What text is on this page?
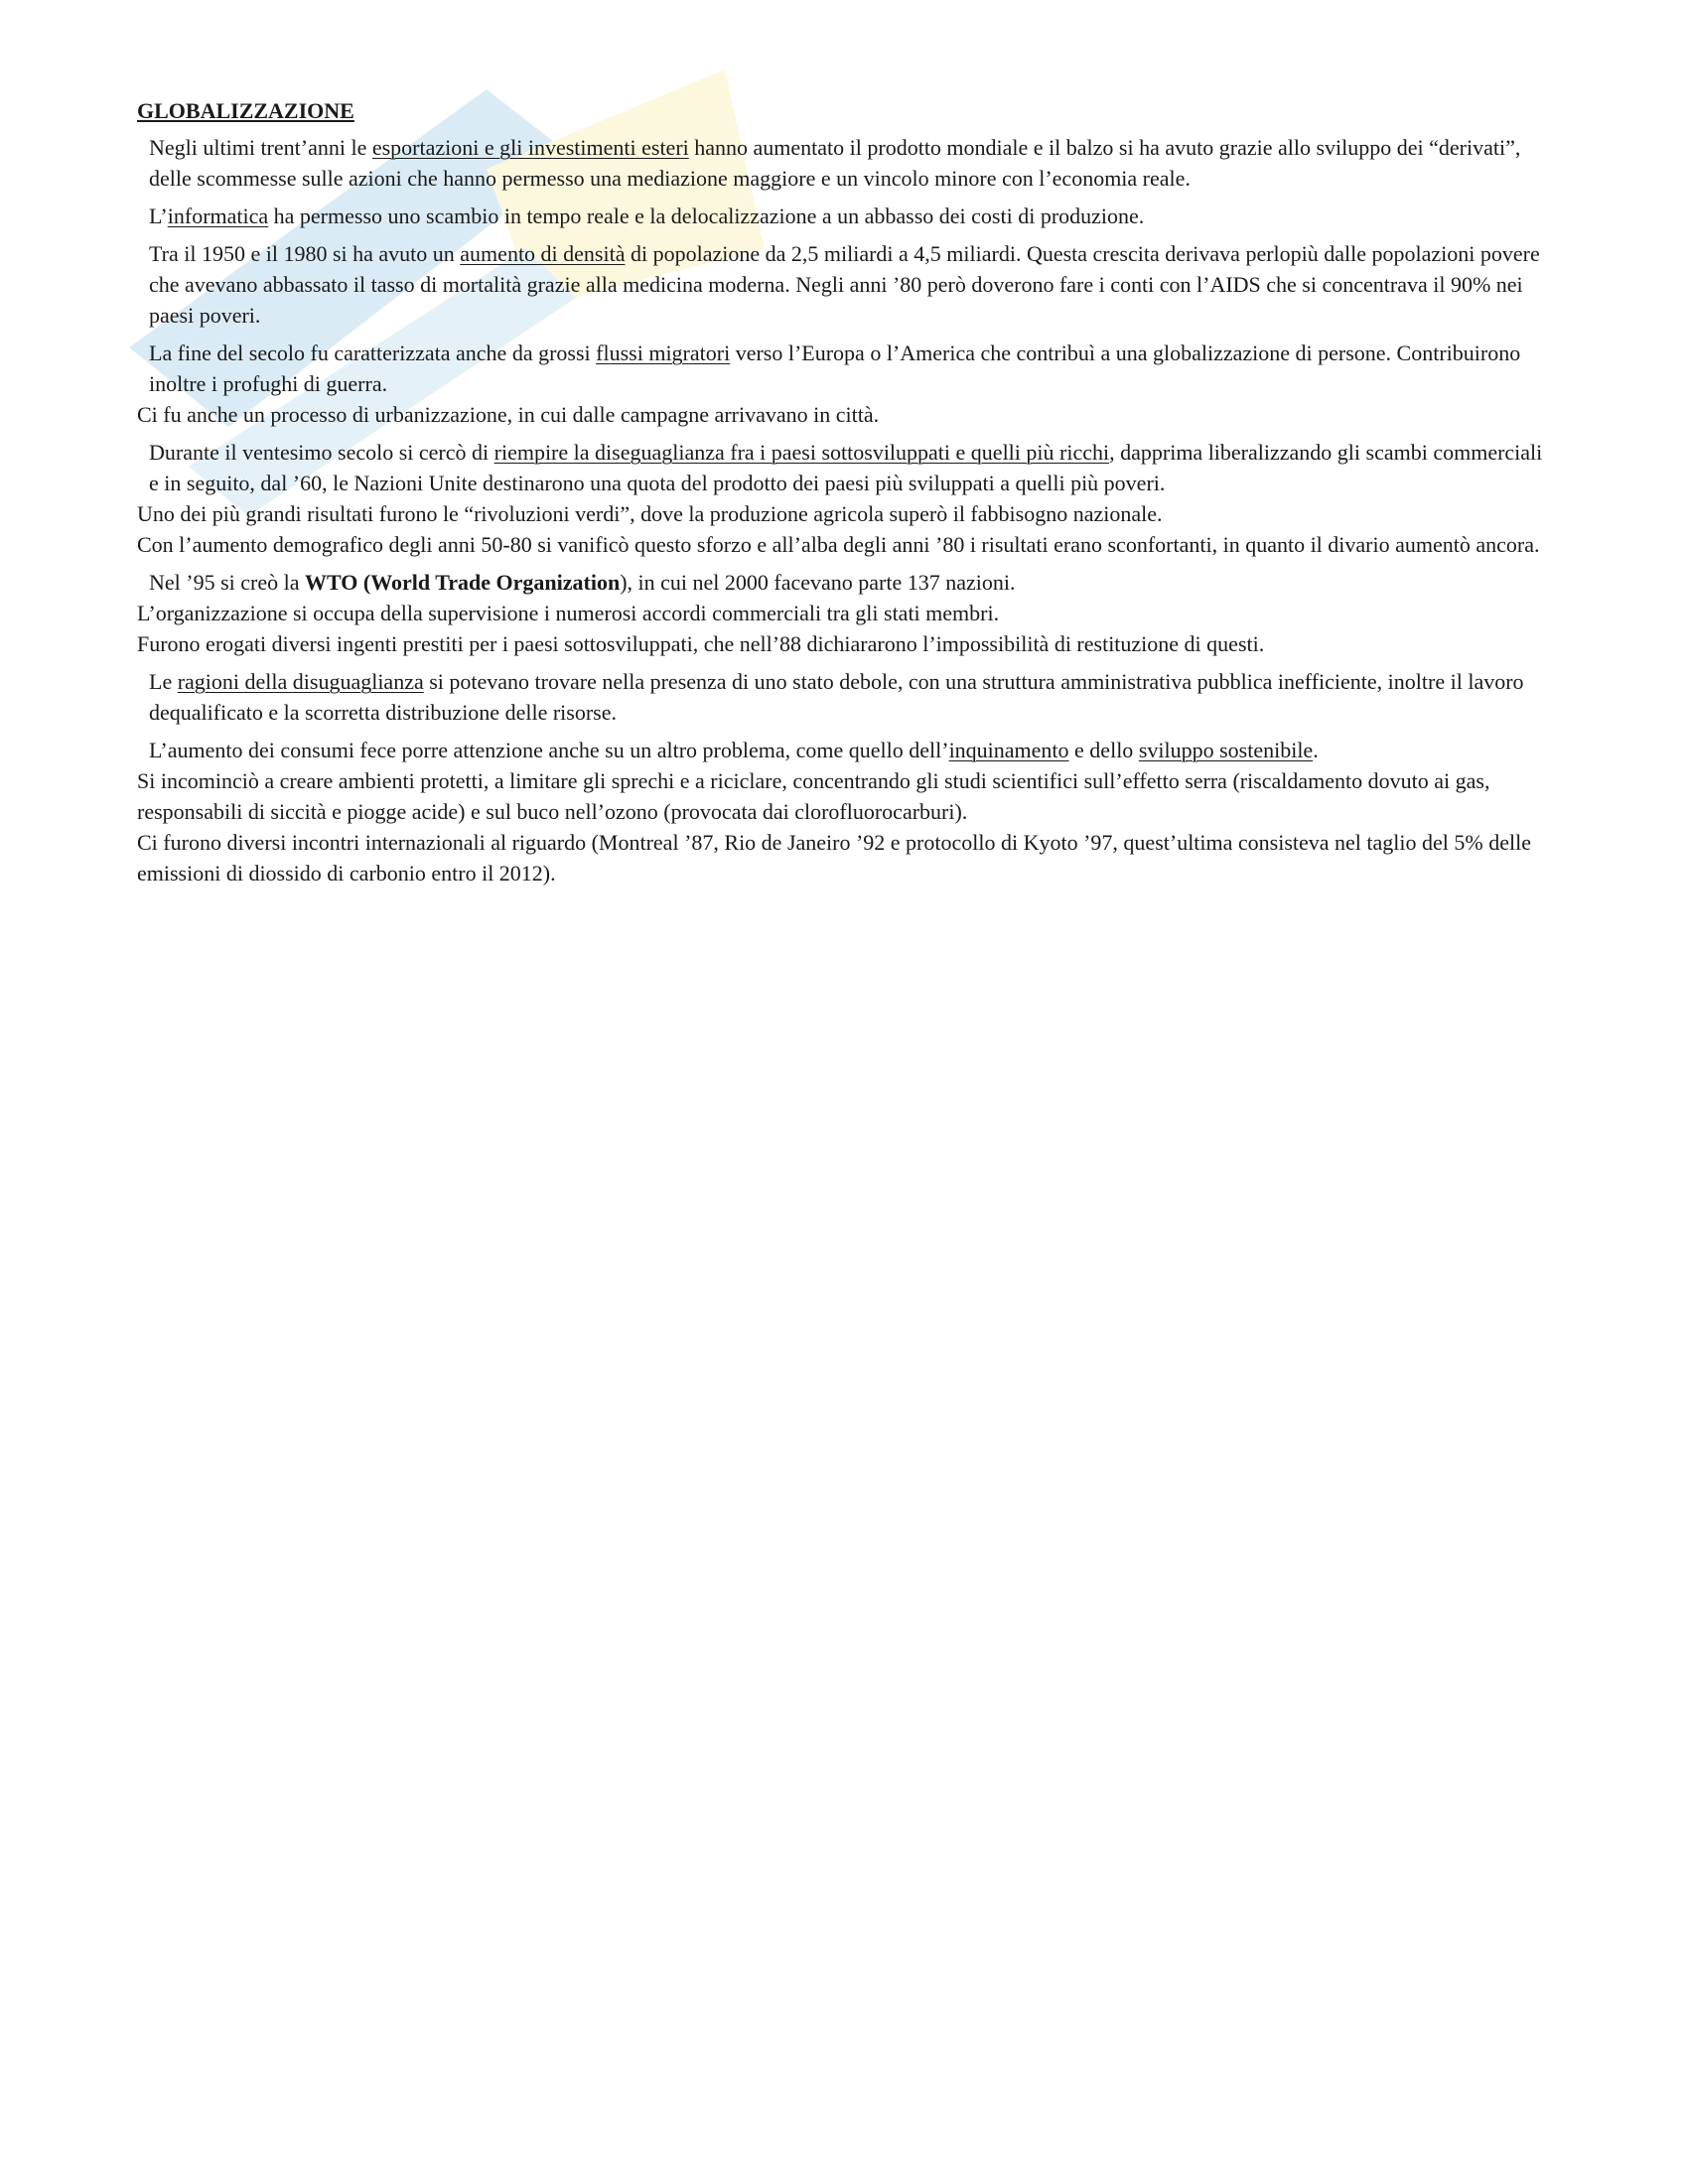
GLOBALIZZAZIONE
Negli ultimi trent’anni le esportazioni e gli investimenti esteri hanno aumentato il prodotto mondiale e il balzo si ha avuto grazie allo sviluppo dei “derivati”, delle scommesse sulle azioni che hanno permesso una mediazione maggiore e un vincolo minore con l’economia reale.
L’informatica ha permesso uno scambio in tempo reale e la delocalizzazione a un abbasso dei costi di produzione.
Tra il 1950 e il 1980 si ha avuto un aumento di densità di popolazione da 2,5 miliardi a 4,5 miliardi. Questa crescita derivava perlopiù dalle popolazioni povere che avevano abbassato il tasso di mortalità grazie alla medicina moderna. Negli anni ’80 però doverono fare i conti con l’AIDS che si concentrava il 90% nei paesi poveri.
La fine del secolo fu caratterizzata anche da grossi flussi migratori verso l’Europa o l’America che contribuì a una globalizzazione di persone. Contribuirono inoltre i profughi di guerra.
Ci fu anche un processo di urbanizzazione, in cui dalle campagne arrivavano in città.
Durante il ventesimo secolo si cercò di riempire la diseguaglianza fra i paesi sottosviluppati e quelli più ricchi, dapprima liberalizzando gli scambi commerciali e in seguito, dal ’60, le Nazioni Unite destinarono una quota del prodotto dei paesi più sviluppati a quelli più poveri.
Uno dei più grandi risultati furono le “rivoluzioni verdi”, dove la produzione agricola superò il fabbisogno nazionale.
Con l’aumento demografico degli anni 50-80 si vanificò questo sforzo e all’alba degli anni ’80 i risultati erano sconfortanti, in quanto il divario aumentò ancora.
Nel ’95 si creò la WTO (World Trade Organization), in cui nel 2000 facevano parte 137 nazioni.
L’organizzazione si occupa della supervisione i numerosi accordi commerciali tra gli stati membri.
Furono erogati diversi ingenti prestiti per i paesi sottosviluppati, che nell’88 dichiararono l’impossibilità di restituzione di questi.
Le ragioni della disuguaglianza si potevano trovare nella presenza di uno stato debole, con una struttura amministrativa pubblica inefficiente, inoltre il lavoro dequalificato e la scorretta distribuzione delle risorse.
L’aumento dei consumi fece porre attenzione anche su un altro problema, come quello dell’inquinamento e dello sviluppo sostenibile.
Si incominciò a creare ambienti protetti, a limitare gli sprechi e a riciclare, concentrando gli studi scientifici sull’effetto serra (riscaldamento dovuto ai gas, responsabili di siccità e piogge acide) e sul buco nell’ozono (provocata dai clorofluorocarburi).
Ci furono diversi incontri internazionali al riguardo (Montreal ’87, Rio de Janeiro ’92 e protocollo di Kyoto ’97, quest’ultima consisteva nel taglio del 5% delle emissioni di diossido di carbonio entro il 2012).
